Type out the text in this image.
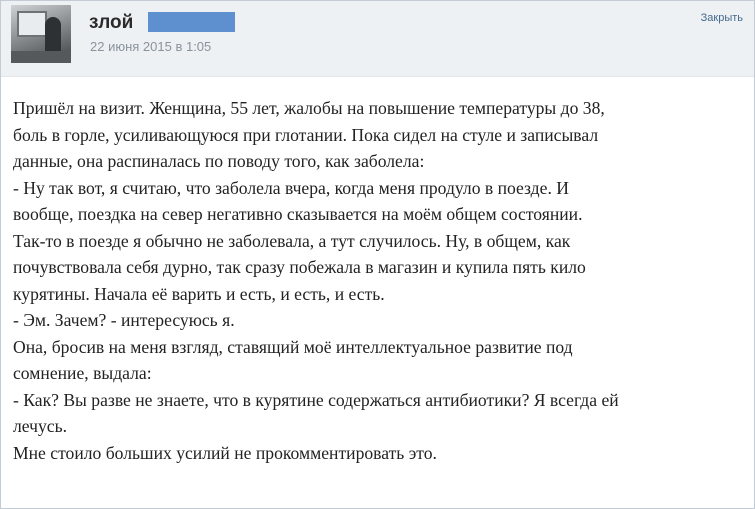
злой
22 июня 2015 в 1:05
Закрыть

Пришёл на визит. Женщина, 55 лет, жалобы на повышение температуры до 38,

боль в горле, усиливающуюся при глотании. Пока сидел на стуле и записывал

данные, она распиналась по поводу того, как заболела:

- Ну так вот, я считаю, что заболела вчера, когда меня продуло в поезде. И

вообще, поездка на север негативно сказывается на моём общем состоянии.

Так-то в поезде я обычно не заболевала, а тут случилось. Ну, в общем, как

почувствовала себя дурно, так сразу побежала в магазин и купила пять кило

курятины. Начала её варить и есть, и есть, и есть.

- Эм. Зачем? - интересуюсь я.

Она, бросив на меня взгляд, ставящий моё интеллектуальное развитие под

сомнение, выдала:

- Как? Вы разве не знаете, что в курятине содержаться антибиотики? Я всегда ей

лечусь.

Мне стоило больших усилий не прокомментировать это.
